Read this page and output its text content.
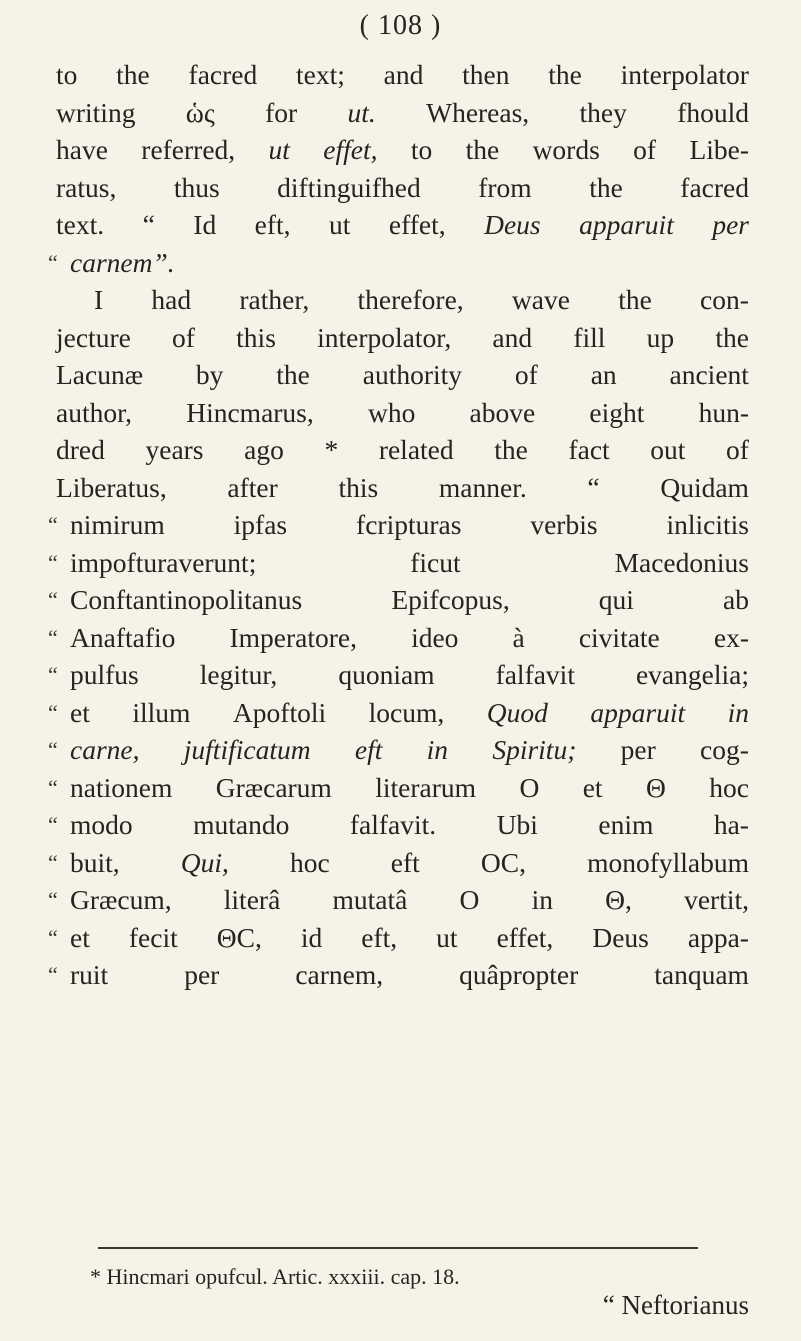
( 108 )
to the facred text; and then the interpolator
writing ὡς for ut. Whereas, they fhould
have referred, ut effet, to the words of Libe-
ratus, thus diftinguifhed from the facred
text. “ Id eft, ut effet, Deus apparuit per
“ carnem”.
I had rather, therefore, wave the con-
jecture of this interpolator, and fill up the
Lacunæ by the authority of an ancient
author, Hincmarus, who above eight hun-
dred years ago * related the fact out of
Liberatus, after this manner. “ Quidam
“ nimirum	ipfas	fcripturas	verbis	inlicitis
“ impofturaverunt;	ficut	Macedonius
“ Conftantinopolitanus	Epifcopus,	qui	ab
“ Anaftafio Imperatore, ideo à civitate ex-
“ pulfus legitur, quoniam falfavit evangelia;
“ et illum Apoftoli locum, Quod apparuit in
“ carne, juftificatum eft in Spiritu; per cog-
“ nationem Græcarum literarum O et Θ hoc
“ modo mutando falfavit. Ubi enim ha-
“ buit, Qui, hoc eft OC, monofyllabum
“ Græcum, literâ mutatâ O in Θ, vertit,
“ et fecit ΘC, id eft, ut effet, Deus appa-
“ ruit	per	carnem,	quâpropter	tanquam
* Hincmari opufcul. Artic. xxxiii. cap. 18.
“ Neftorianus
